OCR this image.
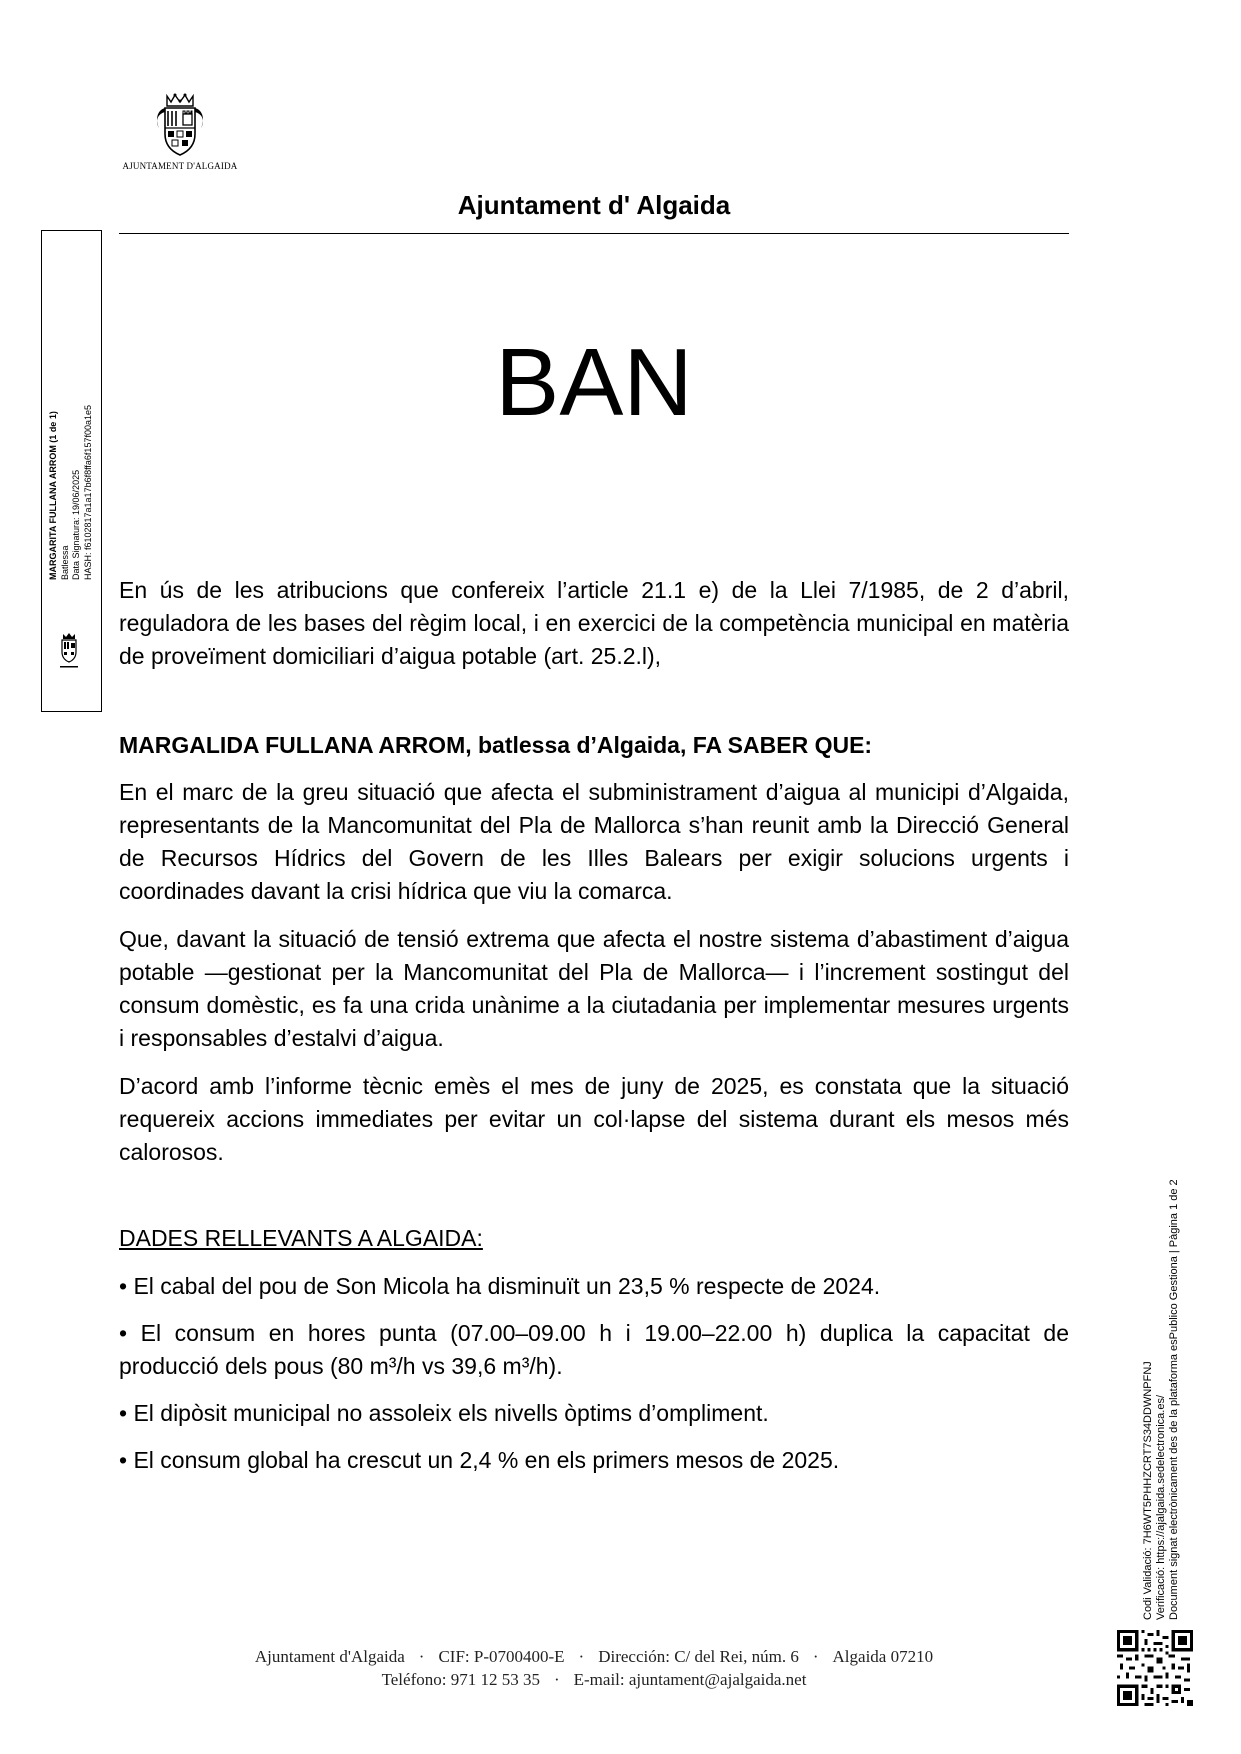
AJUNTAMENT D'ALGAIDA
Ajuntament d' Algaida
MARGARITA FULLANA ARROM (1 de 1) Batlessa Data Signatura: 19/06/2025 HASH: f6102817a1a17b6f8ffa6f157f00a1e5
BAN

En ús de les atribucions que confereix l’article 21.1 e) de la Llei 7/1985, de 2 d’abril, reguladora de les bases del règim local, i en exercici de la competència municipal en matèria de proveïment domiciliari d’aigua potable (art. 25.2.l),

MARGALIDA FULLANA ARROM, batlessa d’Algaida, FA SABER QUE:

En el marc de la greu situació que afecta el subministrament d’aigua al municipi d’Algaida, representants de la Mancomunitat del Pla de Mallorca s’han reunit amb la Direcció General de Recursos Hídrics del Govern de les Illes Balears per exigir solucions urgents i coordinades davant la crisi hídrica que viu la comarca.

Que, davant la situació de tensió extrema que afecta el nostre sistema d’abastiment d’aigua potable —gestionat per la Mancomunitat del Pla de Mallorca— i l’increment sostingut del consum domèstic, es fa una crida unànime a la ciutadania per implementar mesures urgents i responsables d’estalvi d’aigua.

D’acord amb l’informe tècnic emès el mes de juny de 2025, es constata que la situació requereix accions immediates per evitar un col·lapse del sistema durant els mesos més calorosos.

DADES RELLEVANTS A ALGAIDA:

• El cabal del pou de Son Micola ha disminuït un 23,5 % respecte de 2024.

• El consum en hores punta (07.00–09.00 h i 19.00–22.00 h) duplica la capacitat de producció dels pous (80 m³/h vs 39,6 m³/h).

• El dipòsit municipal no assoleix els nivells òptims d’ompliment.

• El consum global ha crescut un 2,4 % en els primers mesos de 2025.	Codi Validació: 7H6WT5PHHZCRT7S34DDWNPFNJ Verificació: https://ajalgaida.sedelectronica.es/ Document signat electrònicament des de la plataforma esPublico Gestiona | Pàgina 1 de 2
Ajuntament d'Algaida · CIF: P-0700400-E · Dirección: C/ del Rei, núm. 6 · Algaida 07210
Teléfono: 971 12 53 35 · E-mail: ajuntament@ajalgaida.net
